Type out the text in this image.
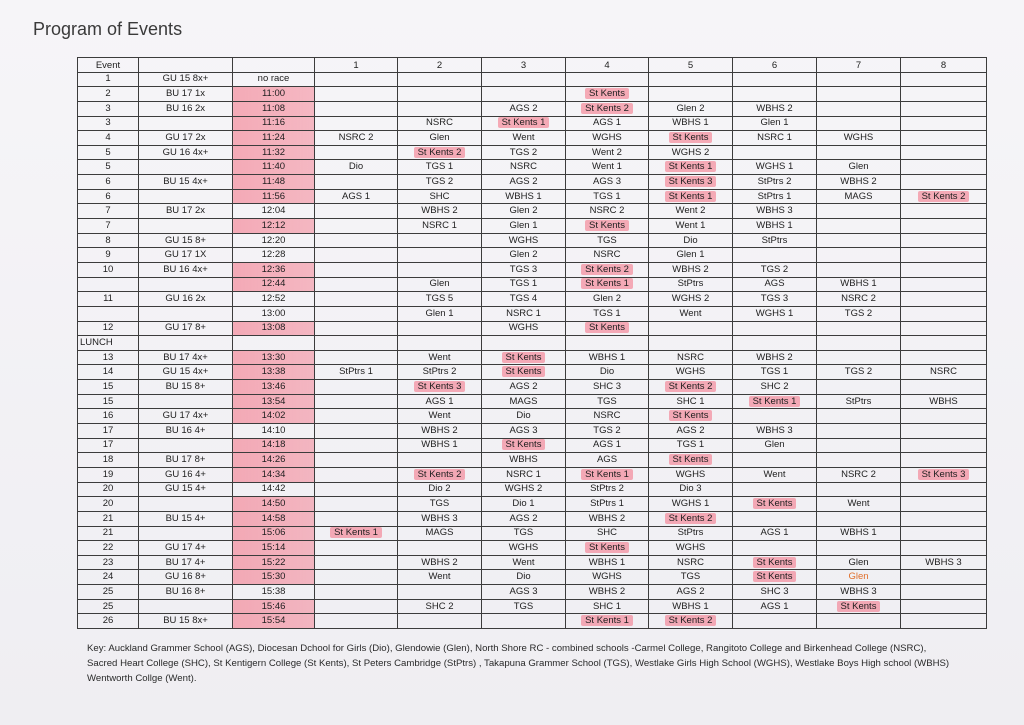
Program of Events
Event			1	2	3	4	5	6	7	8
1	GU 15 8x+	no race								
2	BU 17 1x	11:00				St Kents				
3	BU 16 2x	11:08			AGS 2	St Kents 2	Glen 2	WBHS 2		
3		11:16		NSRC	St Kents 1	AGS 1	WBHS 1	Glen 1		
4	GU 17 2x	11:24	NSRC 2	Glen	Went	WGHS	St Kents	NSRC 1	WGHS	
5	GU 16 4x+	11:32		St Kents 2	TGS 2	Went 2	WGHS 2			
5		11:40	Dio	TGS 1	NSRC	Went 1	St Kents 1	WGHS 1	Glen	
6	BU 15 4x+	11:48		TGS 2	AGS 2	AGS 3	St Kents 3	StPtrs 2	WBHS 2	
6		11:56	AGS 1	SHC	WBHS 1	TGS 1	St Kents 1	StPtrs 1	MAGS	St Kents 2
7	BU 17 2x	12:04		WBHS 2	Glen 2	NSRC 2	Went 2	WBHS 3		
7		12:12		NSRC 1	Glen 1	St Kents	Went 1	WBHS 1		
8	GU 15 8+	12:20			WGHS	TGS	Dio	StPtrs		
9	GU 17 1X	12:28			Glen 2	NSRC	Glen 1			
10	BU 16 4x+	12:36			TGS 3	St Kents 2	WBHS 2	TGS 2		
		12:44		Glen	TGS 1	St Kents 1	StPtrs	AGS	WBHS 1	
11	GU 16 2x	12:52		TGS 5	TGS 4	Glen 2	WGHS 2	TGS 3	NSRC 2	
		13:00		Glen 1	NSRC 1	TGS 1	Went	WGHS 1	TGS 2	
12	GU 17 8+	13:08			WGHS	St Kents				
LUNCH										
13	BU 17 4x+	13:30		Went	St Kents	WBHS 1	NSRC	WBHS 2		
14	GU 15 4x+	13:38	StPtrs 1	StPtrs 2	St Kents	Dio	WGHS	TGS 1	TGS 2	NSRC
15	BU 15 8+	13:46		St Kents 3	AGS 2	SHC 3	St Kents 2	SHC 2		
15		13:54		AGS 1	MAGS	TGS	SHC 1	St Kents 1	StPtrs	WBHS
16	GU 17 4x+	14:02		Went	Dio	NSRC	St Kents			
17	BU 16 4+	14:10		WBHS 2	AGS 3	TGS 2	AGS 2	WBHS 3		
17		14:18		WBHS 1	St Kents	AGS 1	TGS 1	Glen		
18	BU 17 8+	14:26			WBHS	AGS	St Kents			
19	GU 16 4+	14:34		St Kents 2	NSRC 1	St Kents 1	WGHS	Went	NSRC 2	St Kents 3
20	GU 15 4+	14:42		Dio 2	WGHS 2	StPtrs 2	Dio 3			
20		14:50		TGS	Dio 1	StPtrs 1	WGHS 1	St Kents	Went	
21	BU 15 4+	14:58		WBHS 3	AGS 2	WBHS 2	St Kents 2			
21		15:06	St Kents 1	MAGS	TGS	SHC	StPtrs	AGS 1	WBHS 1	
22	GU 17 4+	15:14			WGHS	St Kents	WGHS			
23	BU 17 4+	15:22		WBHS 2	Went	WBHS 1	NSRC	St Kents	Glen	WBHS 3
24	GU 16 8+	15:30		Went	Dio	WGHS	TGS	St Kents	Glen	
25	BU 16 8+	15:38			AGS 3	WBHS 2	AGS 2	SHC 3	WBHS 3	
25		15:46		SHC 2	TGS	SHC 1	WBHS 1	AGS 1	St Kents	
26	BU 15 8x+	15:54				St Kents 1	St Kents 2			
Key: Auckland Grammer School (AGS), Diocesan Dchool for Girls (Dio), Glendowie (Glen), North Shore RC - combined schools -Carmel College, Rangitoto College and Birkenhead College (NSRC),
Sacred Heart College (SHC), St Kentigern College (St Kents), St Peters Cambridge (StPtrs) , Takapuna Grammer School (TGS), Westlake Girls High School (WGHS), Westlake Boys High school (WBHS)
Wentworth Collge (Went).
